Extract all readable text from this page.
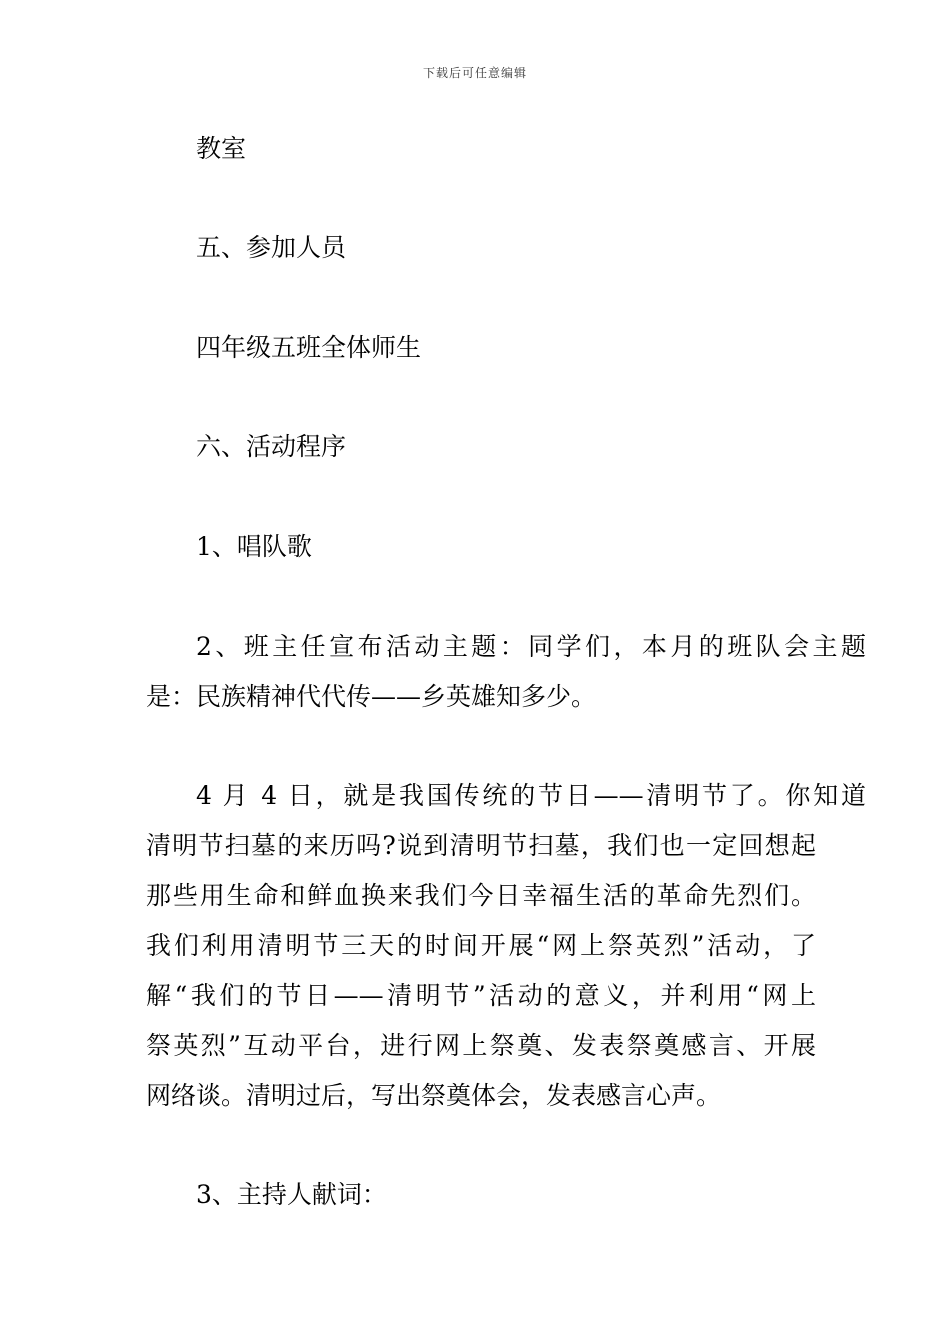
下载后可任意编辑
教室
五、参加人员
四年级五班全体师生
六、活动程序
1、唱队歌
2、班主任宣布活动主题：同学们，本月的班队会主题
是：民族精神代代传——乡英雄知多少。
4 月 4 日，就是我国传统的节日——清明节了。你知道
清明节扫墓的来历吗?说到清明节扫墓，我们也一定回想起
那些用生命和鲜血换来我们今日幸福生活的革命先烈们。
我们利用清明节三天的时间开展“网上祭英烈”活动，了
解“我们的节日——清明节”活动的意义，并利用“网上
祭英烈”互动平台，进行网上祭奠、发表祭奠感言、开展
网络谈。清明过后，写出祭奠体会，发表感言心声。
3、主持人献词：
